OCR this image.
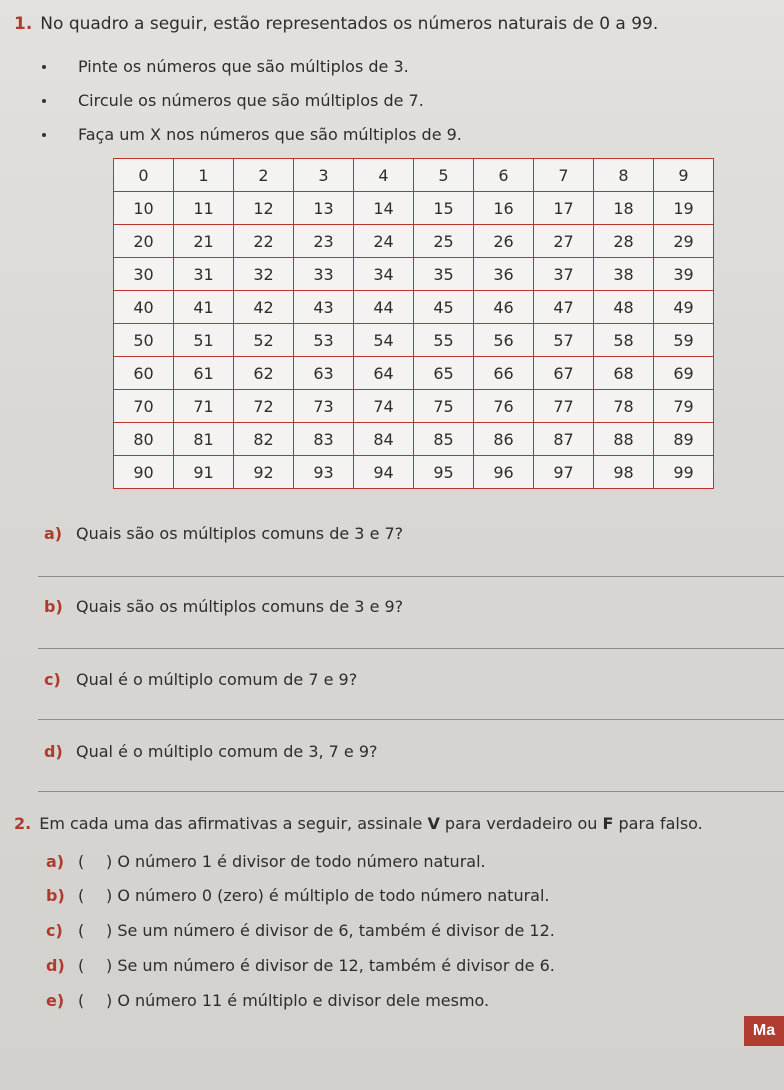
1. No quadro a seguir, estão representados os números naturais de 0 a 99.
Pinte os números que são múltiplos de 3.
Circule os números que são múltiplos de 7.
Faça um X nos números que são múltiplos de 9.
0	1	2	3	4	5	6	7	8	9
10	11	12	13	14	15	16	17	18	19
20	21	22	23	24	25	26	27	28	29
30	31	32	33	34	35	36	37	38	39
40	41	42	43	44	45	46	47	48	49
50	51	52	53	54	55	56	57	58	59
60	61	62	63	64	65	66	67	68	69
70	71	72	73	74	75	76	77	78	79
80	81	82	83	84	85	86	87	88	89
90	91	92	93	94	95	96	97	98	99
a) Quais são os múltiplos comuns de 3 e 7?
b) Quais são os múltiplos comuns de 3 e 9?
c) Qual é o múltiplo comum de 7 e 9?
d) Qual é o múltiplo comum de 3, 7 e 9?
2. Em cada uma das afirmativas a seguir, assinale V para verdadeiro ou F para falso.
a) ( ) O número 1 é divisor de todo número natural.
b) ( ) O número 0 (zero) é múltiplo de todo número natural.
c) ( ) Se um número é divisor de 6, também é divisor de 12.
d) ( ) Se um número é divisor de 12, também é divisor de 6.
e) ( ) O número 11 é múltiplo e divisor dele mesmo.
Ma
